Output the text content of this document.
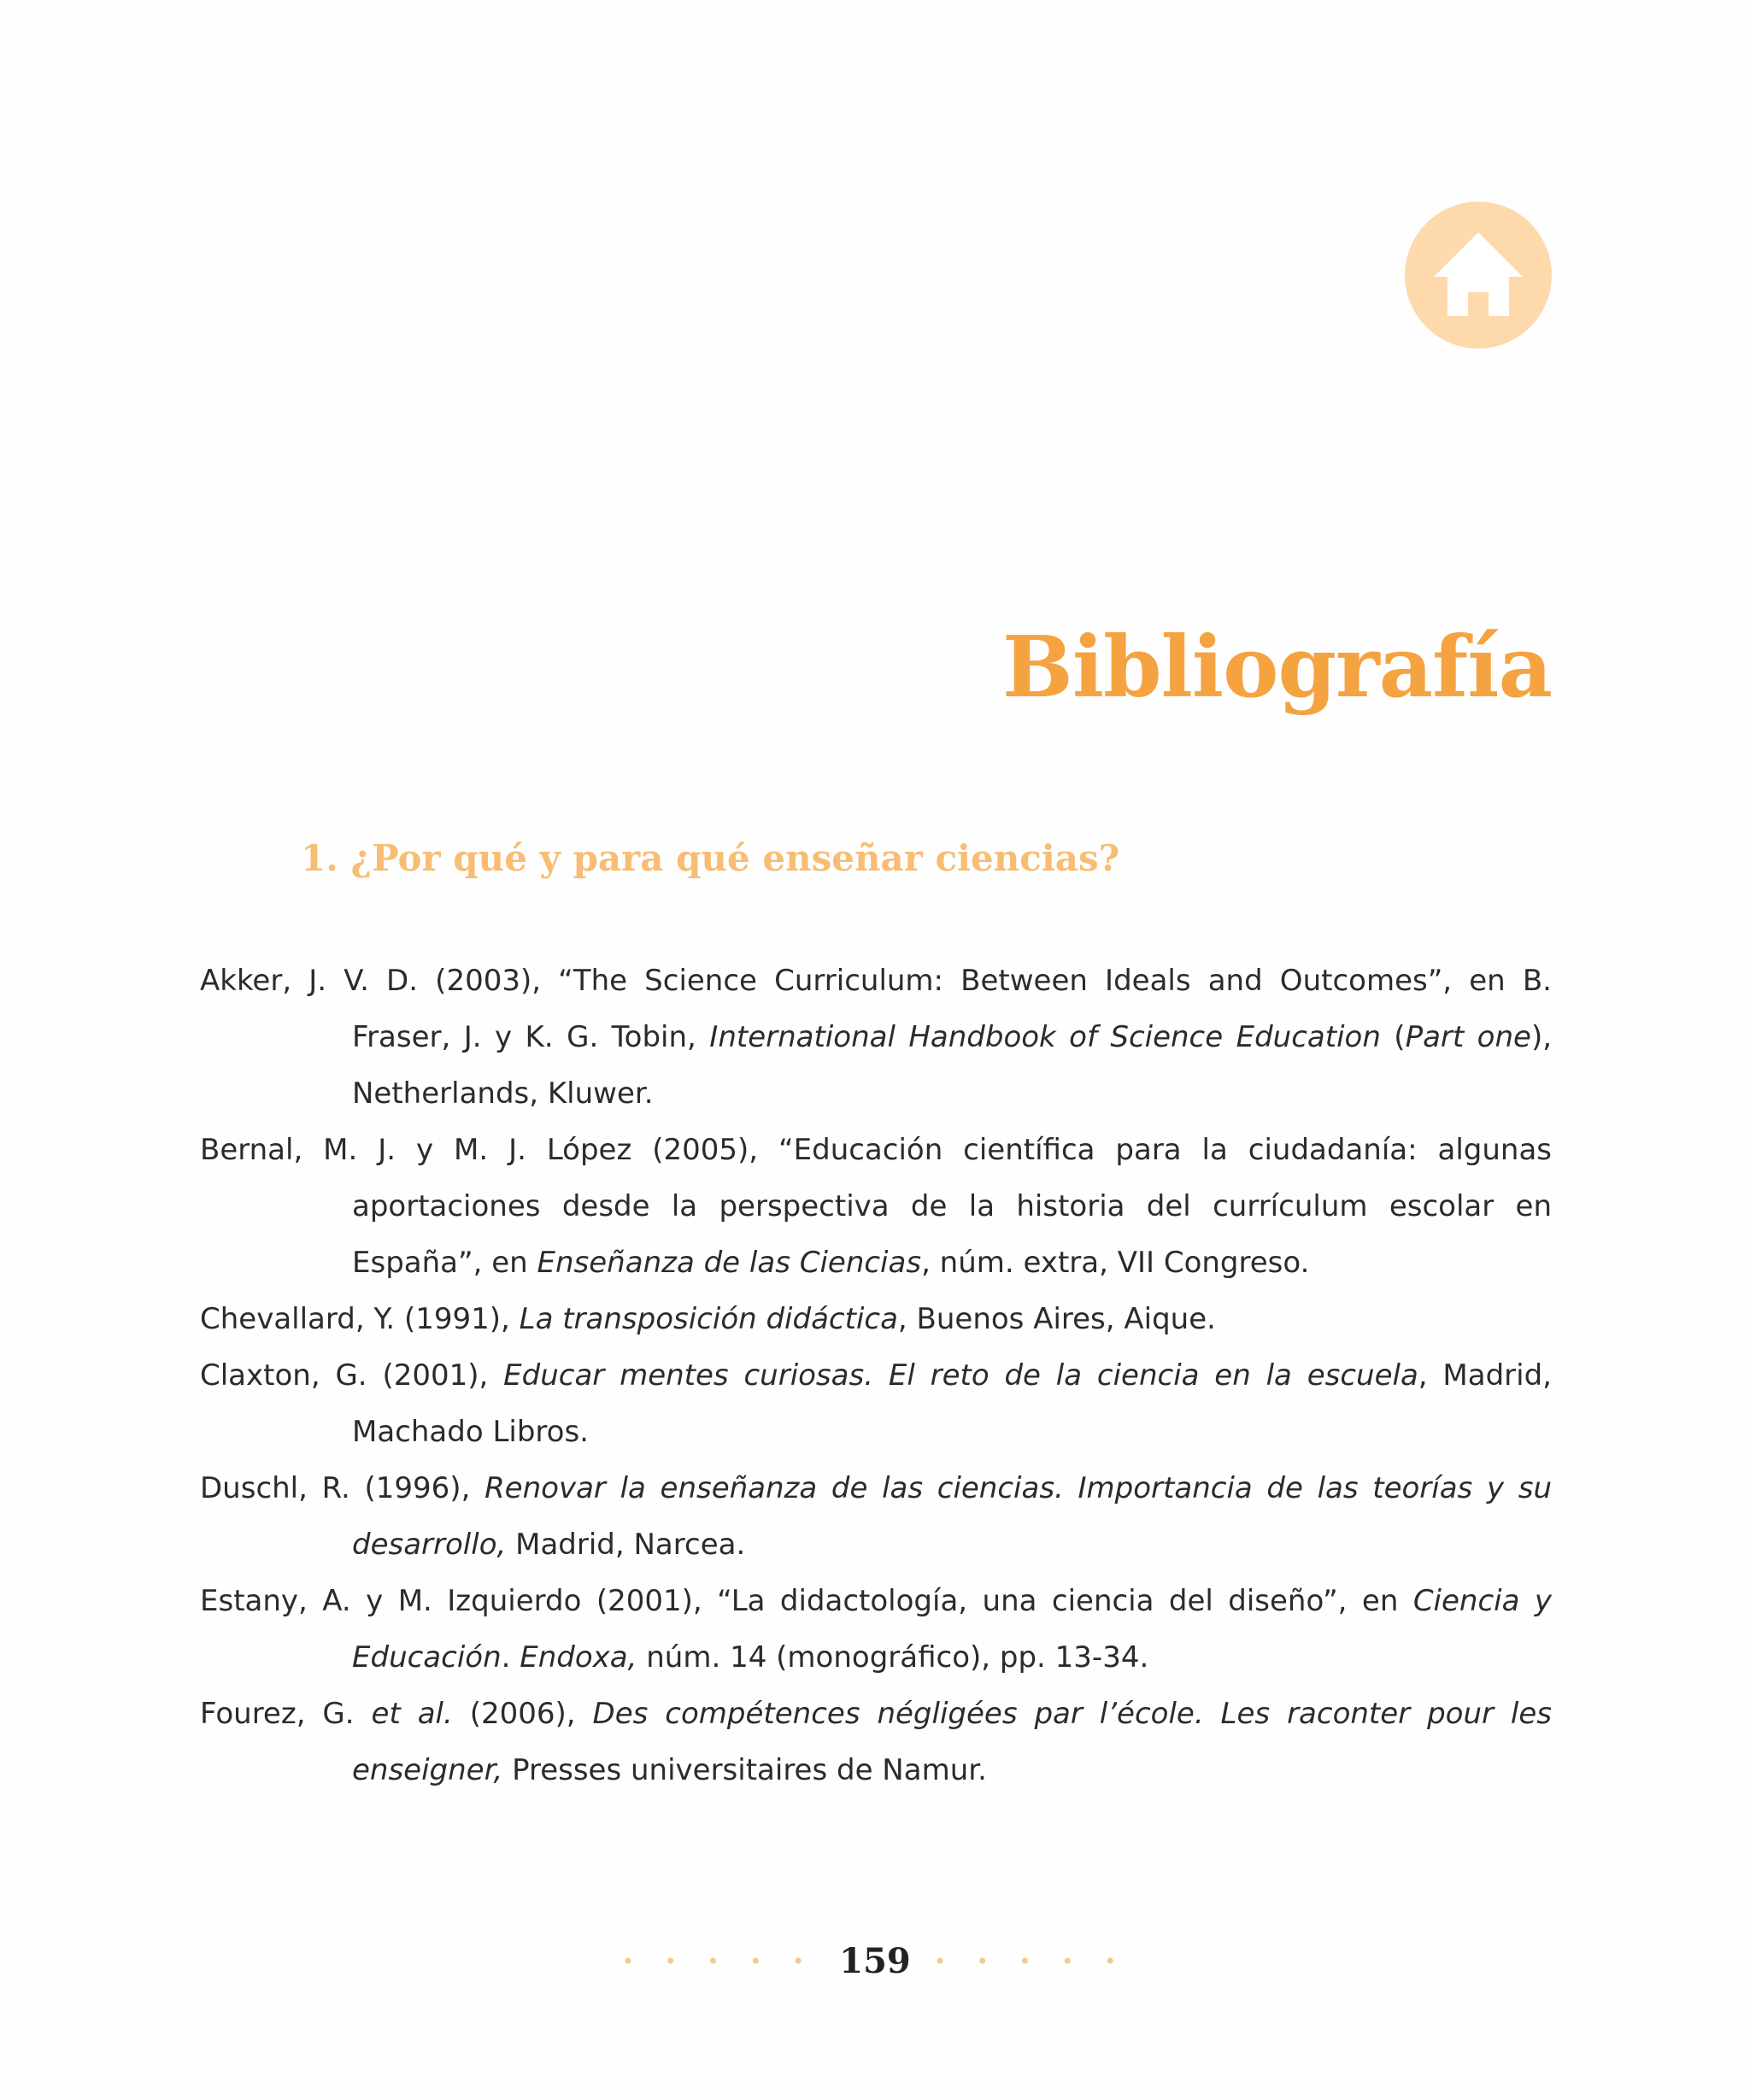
Bibliografía
1. ¿Por qué y para qué enseñar ciencias?
Akker, J. V. D. (2003), “The Science Curriculum: Between Ideals and Outcomes”, en B. Fraser, J. y K. G. Tobin, International Handbook of Science Education (Part one), Netherlands, Kluwer.
Bernal, M. J. y M. J. López (2005), “Educación científica para la ciudadanía: algunas aportaciones desde la perspectiva de la historia del currículum escolar en España”, en Enseñanza de las Ciencias, núm. extra, VII Congreso.
Chevallard, Y. (1991), La transposición didáctica, Buenos Aires, Aique.
Claxton, G. (2001), Educar mentes curiosas. El reto de la ciencia en la escuela, Madrid, Machado Libros.
Duschl, R. (1996), Renovar la enseñanza de las ciencias. Importancia de las teorías y su desarrollo, Madrid, Narcea.
Estany, A. y M. Izquierdo (2001), “La didactología, una ciencia del diseño”, en Ciencia y Educación. Endoxa, núm. 14 (monográfico), pp. 13-34.
Fourez, G. et al. (2006), Des compétences négligées par l’école. Les raconter pour les enseigner, Presses universitaires de Namur.
• • • • • 159 • • • • •
